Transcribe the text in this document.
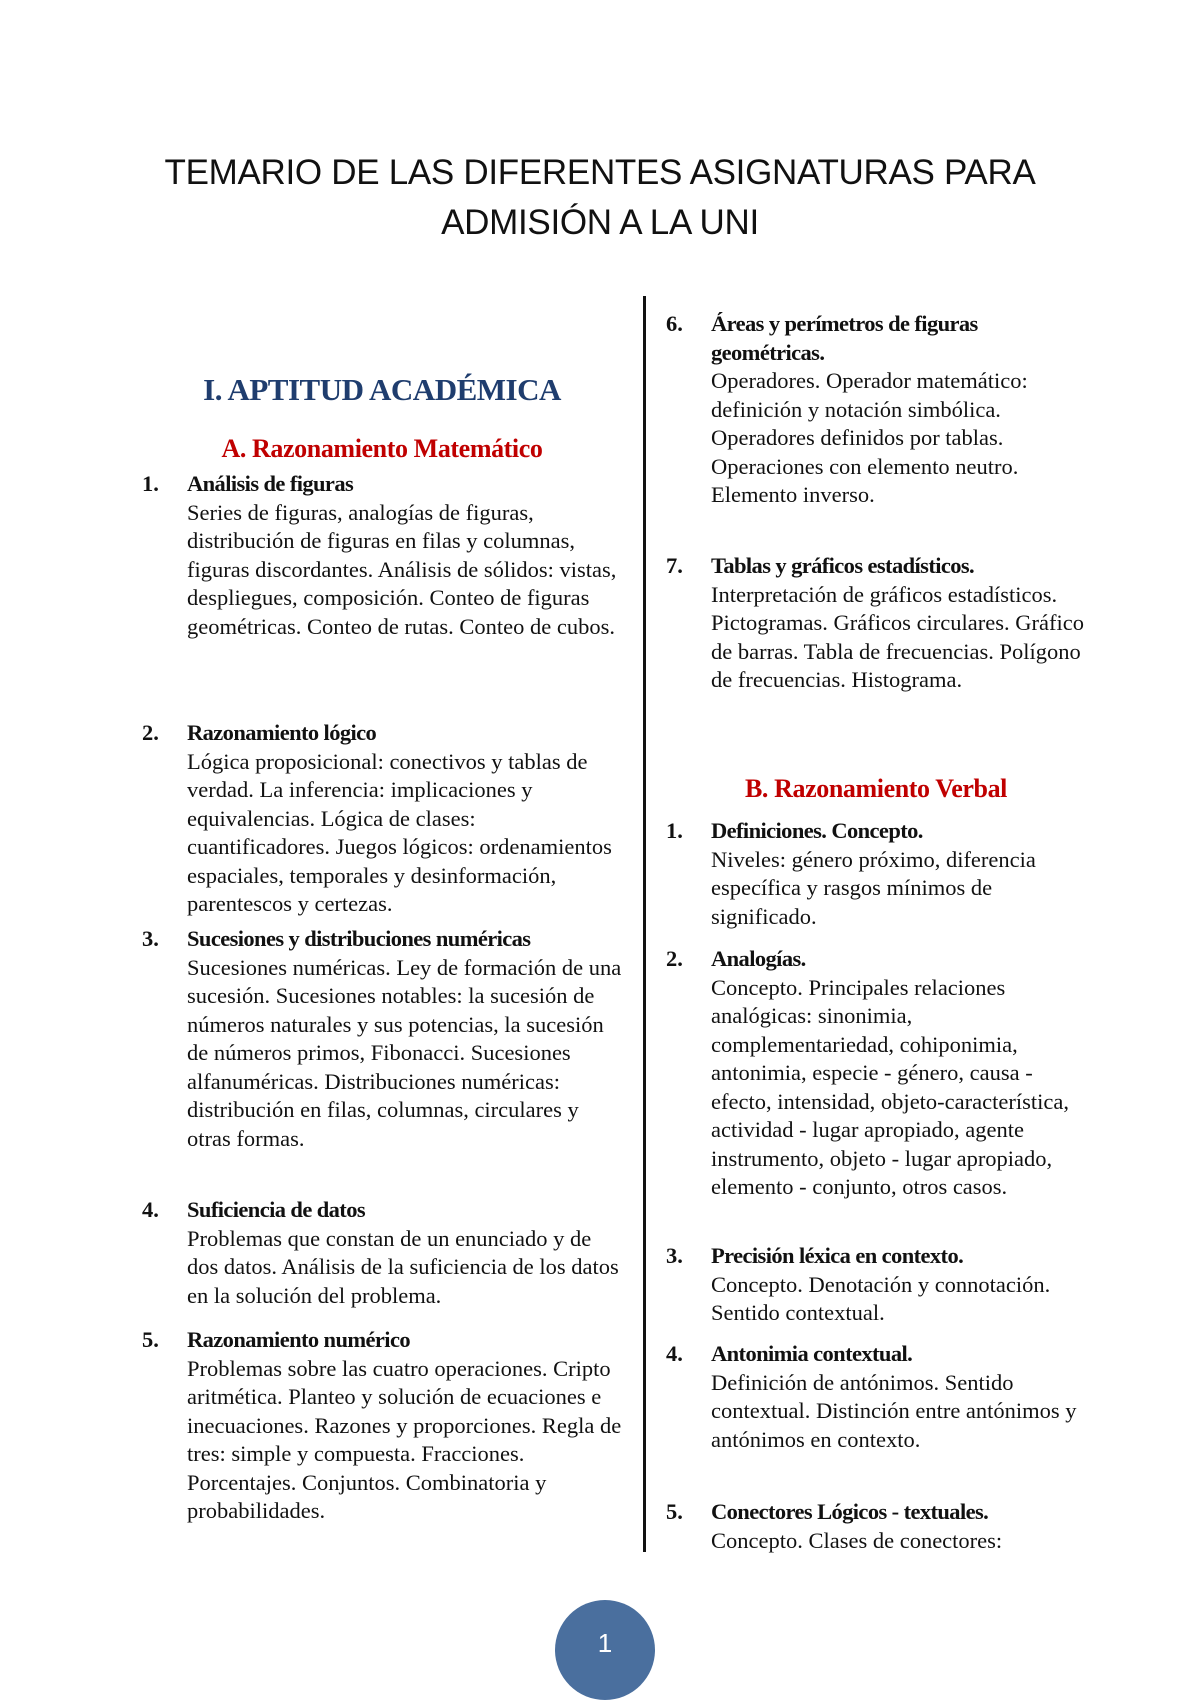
TEMARIO DE LAS DIFERENTES ASIGNATURAS PARA
ADMISIÓN A LA UNI
I. APTITUD ACADÉMICA
A. Razonamiento Matemático
1. Análisis de figuras
Series de figuras, analogías de figuras, distribución de figuras en filas y columnas, figuras discordantes. Análisis de sólidos: vistas, despliegues, composición. Conteo de figuras geométricas. Conteo de rutas. Conteo de cubos.
2. Razonamiento lógico
Lógica proposicional: conectivos y tablas de verdad. La inferencia: implicaciones y equivalencias. Lógica de clases: cuantificadores. Juegos lógicos: ordenamientos espaciales, temporales y desinformación, parentescos y certezas.
3. Sucesiones y distribuciones numéricas
Sucesiones numéricas. Ley de formación de una sucesión. Sucesiones notables: la sucesión de números naturales y sus potencias, la sucesión de números primos, Fibonacci. Sucesiones alfanuméricas. Distribuciones numéricas: distribución en filas, columnas, circulares y otras formas.
4. Suficiencia de datos
Problemas que constan de un enunciado y de dos datos. Análisis de la suficiencia de los datos en la solución del problema.
5. Razonamiento numérico
Problemas sobre las cuatro operaciones. Cripto aritmética. Planteo y solución de ecuaciones e inecuaciones. Razones y proporciones. Regla de tres: simple y compuesta. Fracciones. Porcentajes. Conjuntos. Combinatoria y probabilidades.
6. Áreas y perímetros de figuras geométricas.
Operadores. Operador matemático: definición y notación simbólica. Operadores definidos por tablas. Operaciones con elemento neutro. Elemento inverso.
7. Tablas y gráficos estadísticos.
Interpretación de gráficos estadísticos. Pictogramas. Gráficos circulares. Gráfico de barras. Tabla de frecuencias. Polígono de frecuencias. Histograma.
B. Razonamiento Verbal
1. Definiciones. Concepto.
Niveles: género próximo, diferencia específica y rasgos mínimos de significado.
2. Analogías.
Concepto. Principales relaciones analógicas: sinonimia, complementariedad, cohiponimia, antonimia, especie - género, causa - efecto, intensidad, objeto-característica, actividad - lugar apropiado, agente instrumento, objeto - lugar apropiado, elemento - conjunto, otros casos.
3. Precisión léxica en contexto.
Concepto. Denotación y connotación. Sentido contextual.
4. Antonimia contextual.
Definición de antónimos. Sentido contextual. Distinción entre antónimos y antónimos en contexto.
5. Conectores Lógicos - textuales.
Concepto. Clases de conectores:
1
